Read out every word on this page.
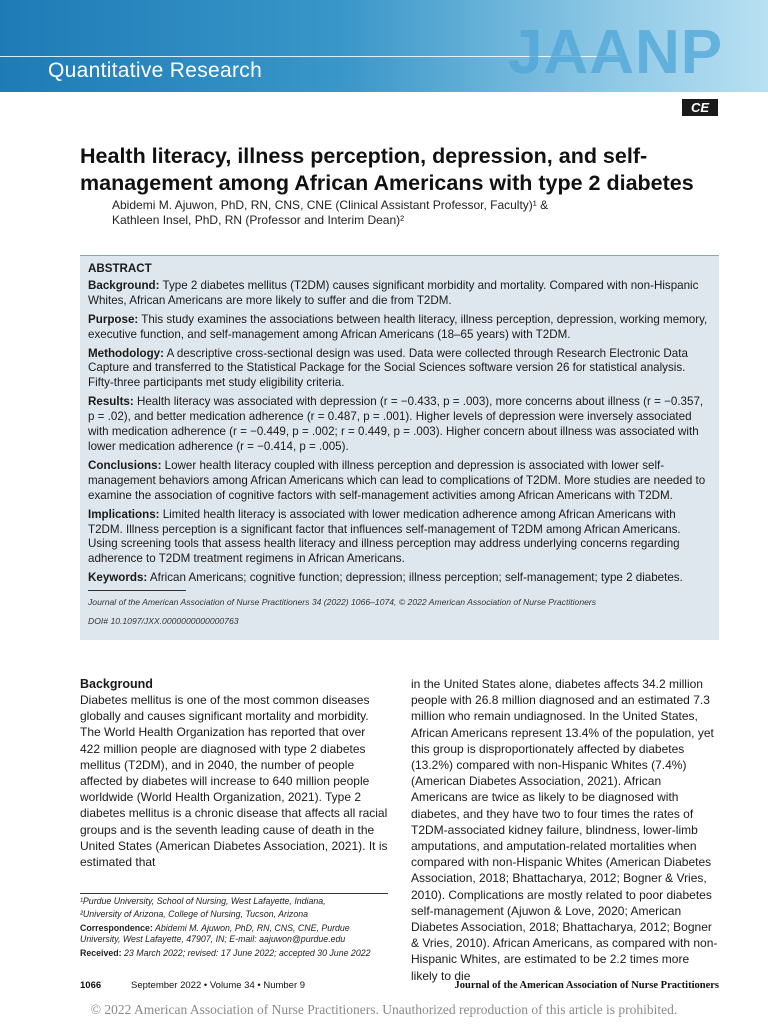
Quantitative Research	JAANP
CE
Health literacy, illness perception, depression, and self-management among African Americans with type 2 diabetes
Abidemi M. Ajuwon, PhD, RN, CNS, CNE (Clinical Assistant Professor, Faculty)¹ &
Kathleen Insel, PhD, RN (Professor and Interim Dean)²
ABSTRACT

Background: Type 2 diabetes mellitus (T2DM) causes significant morbidity and mortality. Compared with non-Hispanic Whites, African Americans are more likely to suffer and die from T2DM.

Purpose: This study examines the associations between health literacy, illness perception, depression, working memory, executive function, and self-management among African Americans (18–65 years) with T2DM.

Methodology: A descriptive cross-sectional design was used. Data were collected through Research Electronic Data Capture and transferred to the Statistical Package for the Social Sciences software version 26 for statistical analysis. Fifty-three participants met study eligibility criteria.

Results: Health literacy was associated with depression (r = −0.433, p = .003), more concerns about illness (r = −0.357, p = .02), and better medication adherence (r = 0.487, p = .001). Higher levels of depression were inversely associated with medication adherence (r = −0.449, p = .002; r = 0.449, p = .003). Higher concern about illness was associated with lower medication adherence (r = −0.414, p = .005).

Conclusions: Lower health literacy coupled with illness perception and depression is associated with lower self-management behaviors among African Americans which can lead to complications of T2DM. More studies are needed to examine the association of cognitive factors with self-management activities among African Americans with T2DM.

Implications: Limited health literacy is associated with lower medication adherence among African Americans with T2DM. Illness perception is a significant factor that influences self-management of T2DM among African Americans. Using screening tools that assess health literacy and illness perception may address underlying concerns regarding adherence to T2DM treatment regimens in African Americans.

Keywords: African Americans; cognitive function; depression; illness perception; self-management; type 2 diabetes.

Journal of the American Association of Nurse Practitioners 34 (2022) 1066–1074, © 2022 American Association of Nurse Practitioners
DOI# 10.1097/JXX.0000000000000763
Background

Diabetes mellitus is one of the most common diseases globally and causes significant mortality and morbidity. The World Health Organization has reported that over 422 million people are diagnosed with type 2 diabetes mellitus (T2DM), and in 2040, the number of people affected by diabetes will increase to 640 million people worldwide (World Health Organization, 2021). Type 2 diabetes mellitus is a chronic disease that affects all racial groups and is the seventh leading cause of death in the United States (American Diabetes Association, 2021). It is estimated that

in the United States alone, diabetes affects 34.2 million people with 26.8 million diagnosed and an estimated 7.3 million who remain undiagnosed. In the United States, African Americans represent 13.4% of the population, yet this group is disproportionately affected by diabetes (13.2%) compared with non-Hispanic Whites (7.4%) (American Diabetes Association, 2021). African Americans are twice as likely to be diagnosed with diabetes, and they have two to four times the rates of T2DM-associated kidney failure, blindness, lower-limb amputations, and amputation-related mortalities when compared with non-Hispanic Whites (American Diabetes Association, 2018; Bhattacharya, 2012; Bogner & Vries, 2010). Complications are mostly related to poor diabetes self-management (Ajuwon & Love, 2020; American Diabetes Association, 2018; Bhattacharya, 2012; Bogner & Vries, 2010). African Americans, as compared with non-Hispanic Whites, are estimated to be 2.2 times more likely to die

¹Purdue University, School of Nursing, West Lafayette, Indiana,
²University of Arizona, College of Nursing, Tucson, Arizona
Correspondence: Abidemi M. Ajuwon, PhD, RN, CNS, CNE, Purdue University, West Lafayette, 47907, IN; E-mail: aajuwon@purdue.edu
Received: 23 March 2022; revised: 17 June 2022; accepted 30 June 2022
1066	September 2022 • Volume 34 • Number 9	Journal of the American Association of Nurse Practitioners
© 2022 American Association of Nurse Practitioners. Unauthorized reproduction of this article is prohibited.
